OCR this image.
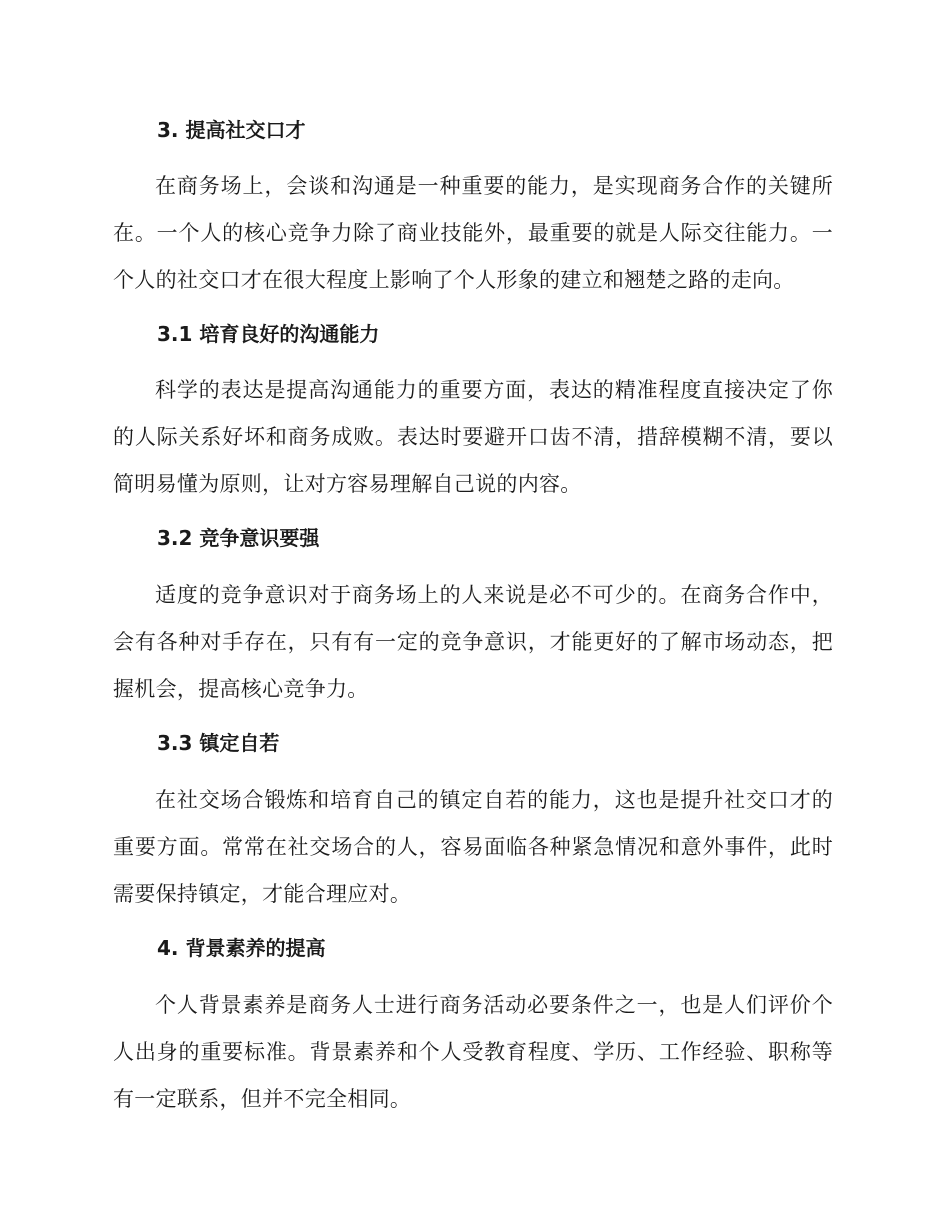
3. 提高社交口才
在商务场上，会谈和沟通是一种重要的能力，是实现商务合作的关键所在。一个人的核心竞争力除了商业技能外，最重要的就是人际交往能力。一个人的社交口才在很大程度上影响了个人形象的建立和翘楚之路的走向。
3.1 培育良好的沟通能力
科学的表达是提高沟通能力的重要方面，表达的精准程度直接决定了你的人际关系好坏和商务成败。表达时要避开口齿不清，措辞模糊不清，要以简明易懂为原则，让对方容易理解自己说的内容。
3.2 竞争意识要强
适度的竞争意识对于商务场上的人来说是必不可少的。在商务合作中，会有各种对手存在，只有有一定的竞争意识，才能更好的了解市场动态，把握机会，提高核心竞争力。
3.3 镇定自若
在社交场合锻炼和培育自己的镇定自若的能力，这也是提升社交口才的重要方面。常常在社交场合的人，容易面临各种紧急情况和意外事件，此时需要保持镇定，才能合理应对。
4. 背景素养的提高
个人背景素养是商务人士进行商务活动必要条件之一，也是人们评价个人出身的重要标准。背景素养和个人受教育程度、学历、工作经验、职称等有一定联系，但并不完全相同。
